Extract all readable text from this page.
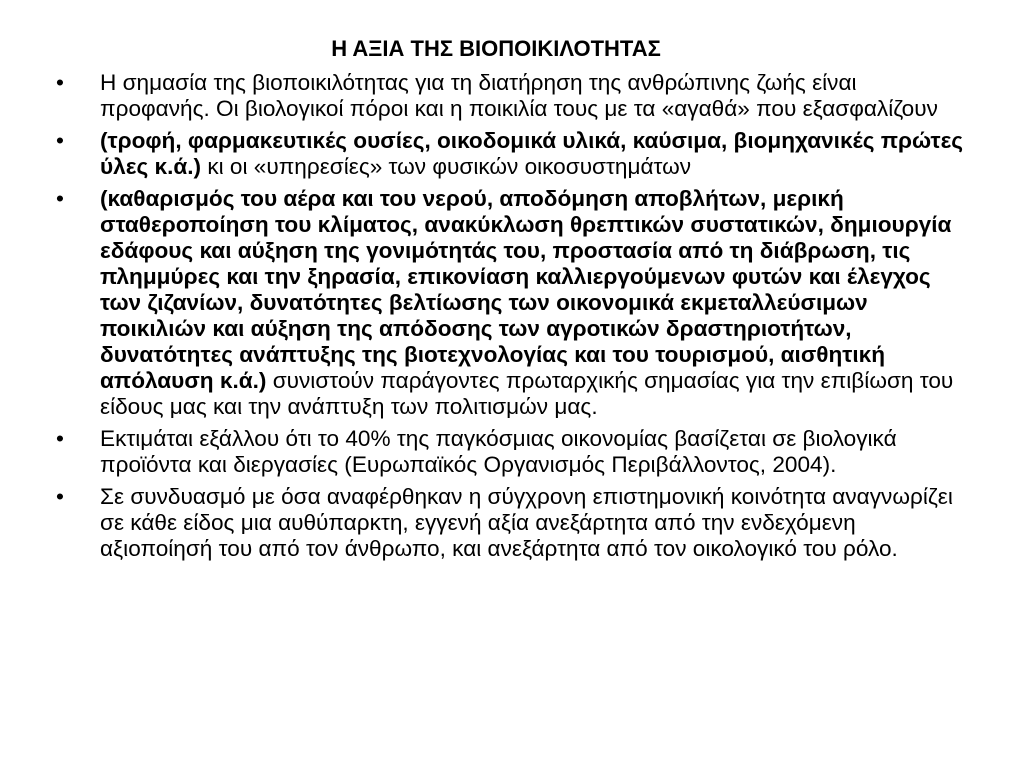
Η ΑΞΙΑ ΤΗΣ ΒΙΟΠΟΙΚΙΛΟΤΗΤΑΣ
•	Η σημασία της βιοποικιλότητας για τη διατήρηση της ανθρώπινης ζωής είναι προφανής. Οι βιολογικοί πόροι και η ποικιλία τους με τα «αγαθά» που εξασφαλίζουν
•	(τροφή, φαρμακευτικές ουσίες, οικοδομικά υλικά, καύσιμα, βιομηχανικές πρώτες ύλες κ.ά.) κι οι «υπηρεσίες» των φυσικών οικοσυστημάτων
•	(καθαρισμός του αέρα και του νερού, αποδόμηση αποβλήτων, μερική σταθεροποίηση του κλίματος, ανακύκλωση θρεπτικών συστατικών, δημιουργία εδάφους και αύξηση της γονιμότητάς του, προστασία από τη διάβρωση, τις πλημμύρες και την ξηρασία, επικονίαση καλλιεργούμενων φυτών και έλεγχος των ζιζανίων, δυνατότητες βελτίωσης των οικονομικά εκμεταλλεύσιμων ποικιλιών και αύξηση της απόδοσης των αγροτικών δραστηριοτήτων, δυνατότητες ανάπτυξης της βιοτεχνολογίας και του τουρισμού, αισθητική απόλαυση κ.ά.) συνιστούν παράγοντες πρωταρχικής σημασίας για την επιβίωση του είδους μας και την ανάπτυξη των πολιτισμών μας.
•	Εκτιμάται εξάλλου ότι το 40% της παγκόσμιας οικονομίας βασίζεται σε βιολογικά προϊόντα και διεργασίες (Ευρωπαϊκός Οργανισμός Περιβάλλοντος, 2004).
•	Σε συνδυασμό με όσα αναφέρθηκαν η σύγχρονη επιστημονική κοινότητα αναγνωρίζει σε κάθε είδος μια αυθύπαρκτη, εγγενή αξία ανεξάρτητα από την ενδεχόμενη αξιοποίησή του από τον άνθρωπο, και ανεξάρτητα από τον οικολογικό του ρόλο.
